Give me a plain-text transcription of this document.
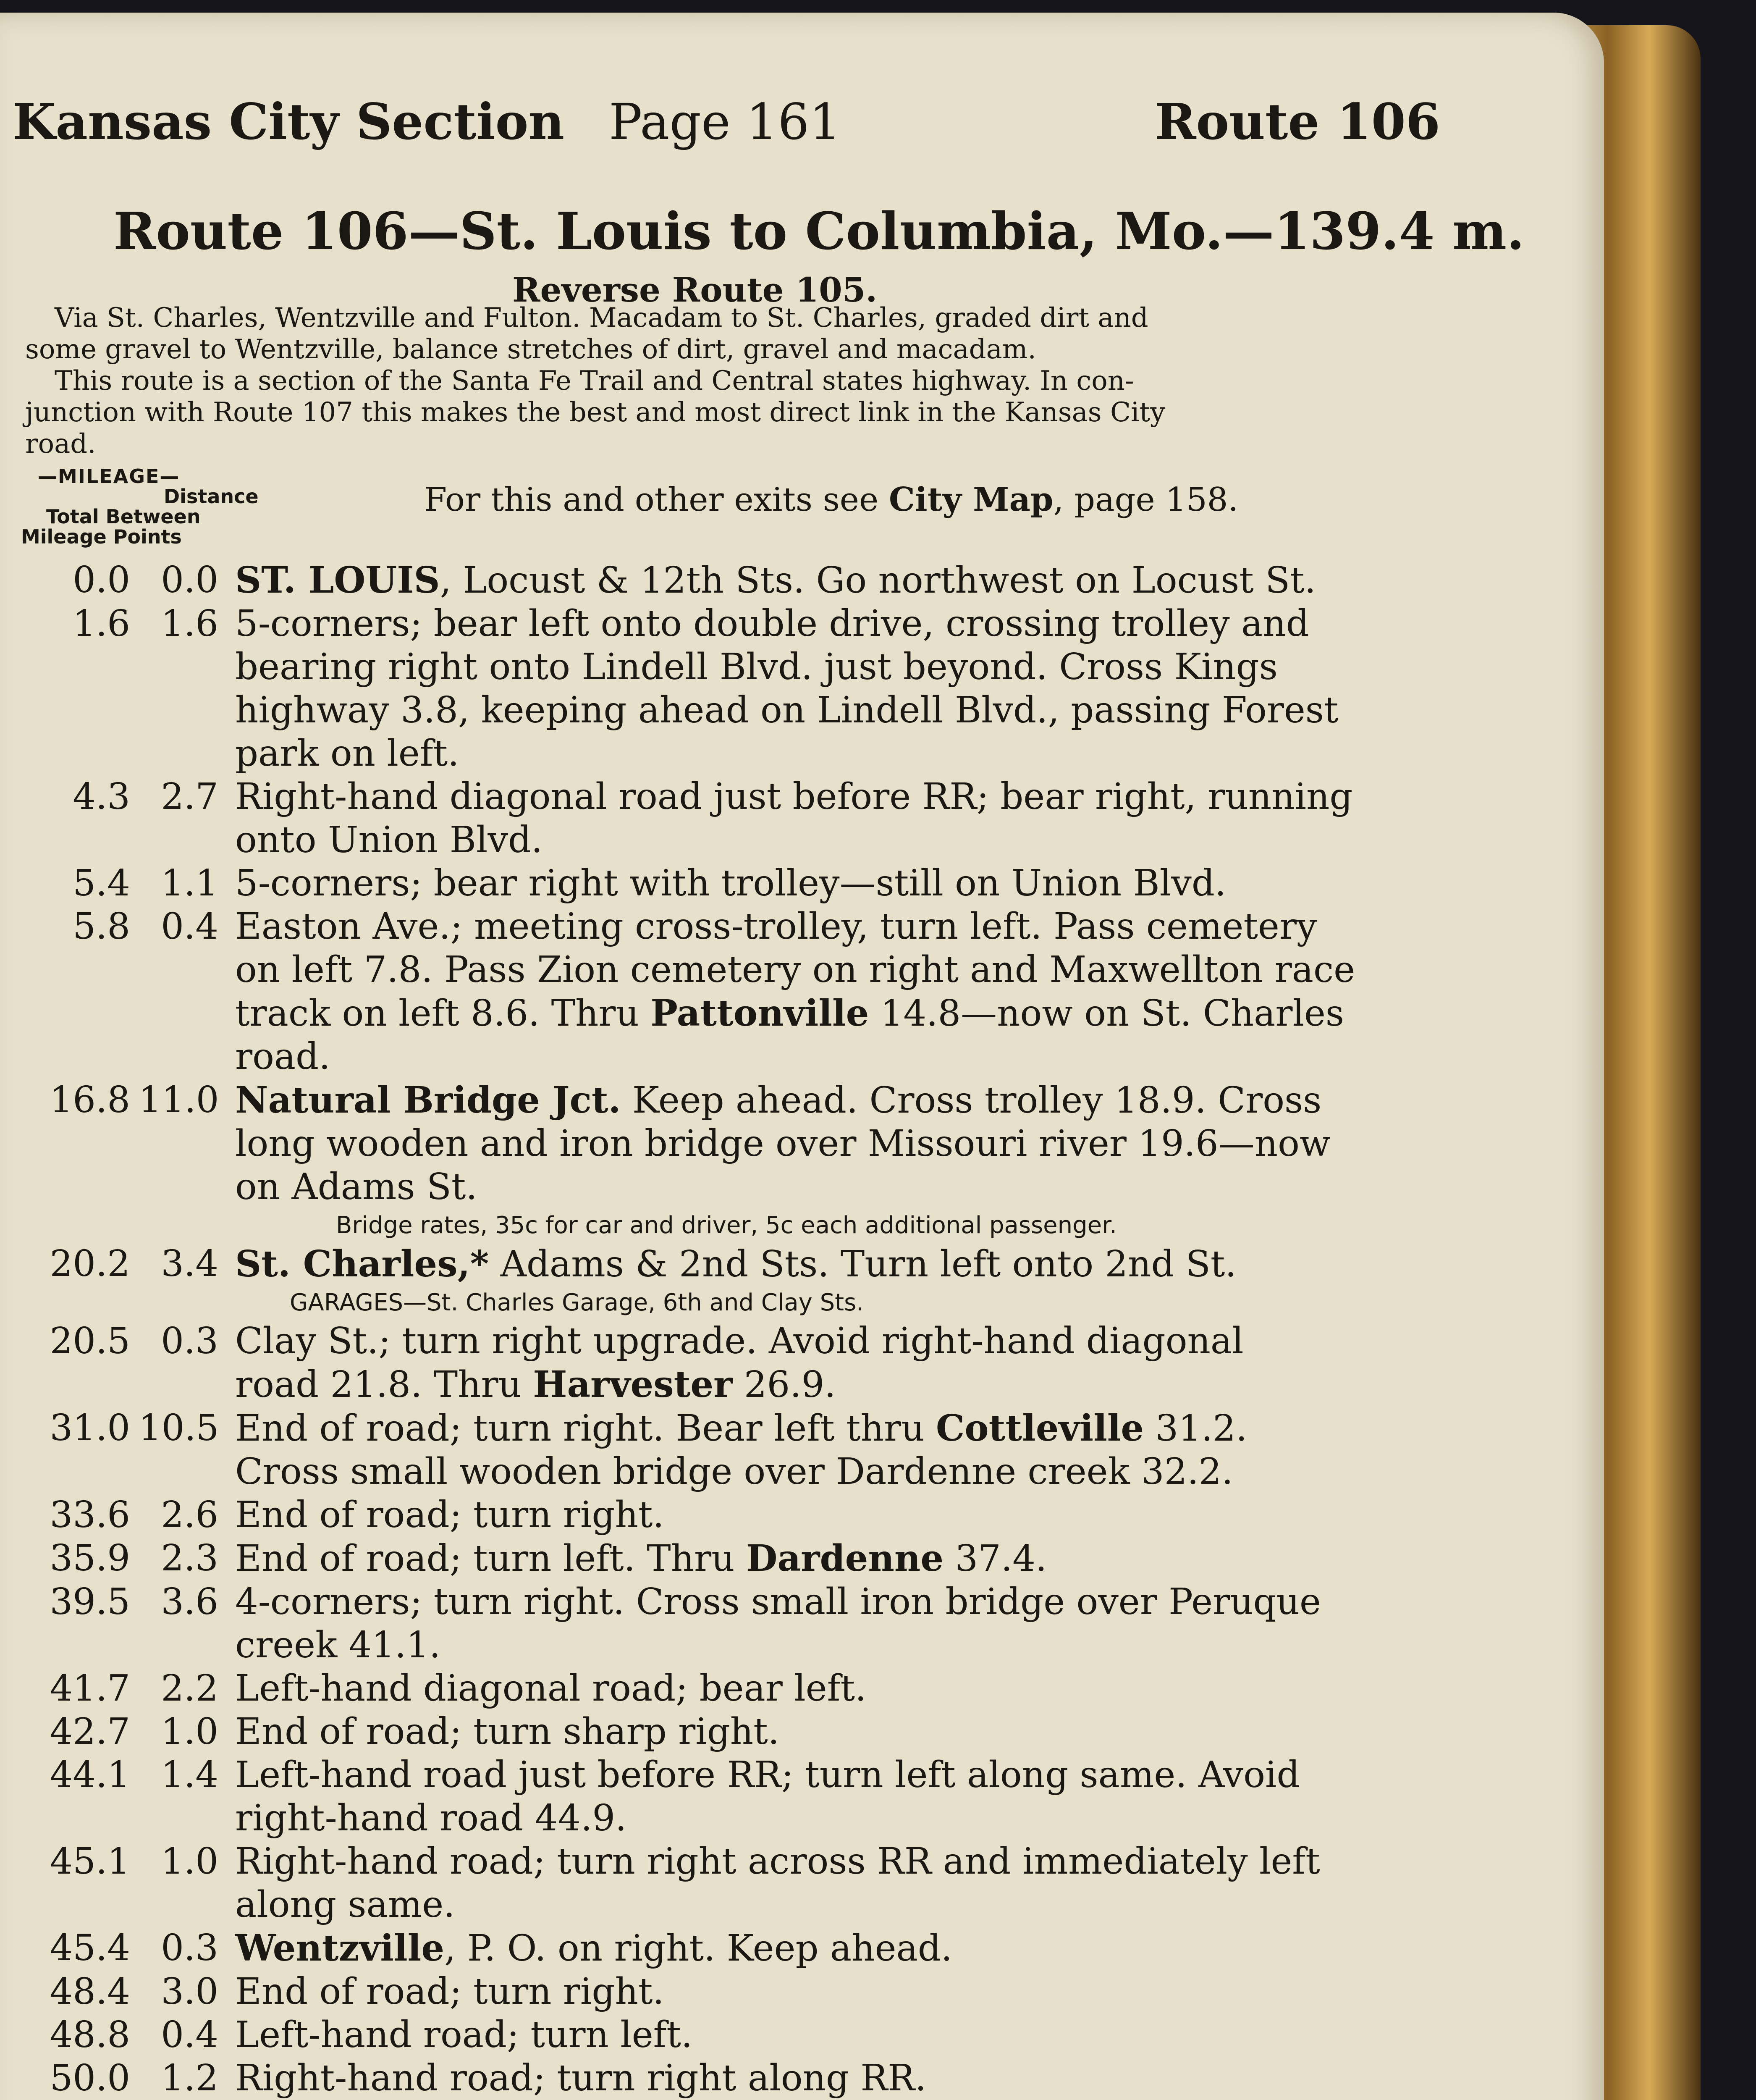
Kansas City Section Page 161	Route 106
Route 106—St. Louis to Columbia, Mo.—139.4 m.
Reverse Route 105.
Via St. Charles, Wentzville and Fulton. Macadam to St. Charles, graded dirt and
some gravel to Wentzville, balance stretches of dirt, gravel and macadam.
This route is a section of the Santa Fe Trail and Central states highway. In con-
junction with Route 107 this makes the best and most direct link in the Kansas City
road.
—MILEAGE—
Distance
Total Between
Mileage Points
For this and other exits see City Map, page 158.
0.0 0.0 ST. LOUIS, Locust & 12th Sts. Go northwest on Locust St.
1.6 1.6 5-corners; bear left onto double drive, crossing trolley and
bearing right onto Lindell Blvd. just beyond. Cross Kings
highway 3.8, keeping ahead on Lindell Blvd., passing Forest
park on left.
4.3 2.7 Right-hand diagonal road just before RR; bear right, running
onto Union Blvd.
5.4 1.1 5-corners; bear right with trolley—still on Union Blvd.
5.8 0.4 Easton Ave.; meeting cross-trolley, turn left. Pass cemetery
on left 7.8. Pass Zion cemetery on right and Maxwellton race
track on left 8.6. Thru Pattonville 14.8—now on St. Charles
road.
16.8 11.0 Natural Bridge Jct. Keep ahead. Cross trolley 18.9. Cross
long wooden and iron bridge over Missouri river 19.6—now
on Adams St.
Bridge rates, 35c for car and driver, 5c each additional passenger.
20.2 3.4 St. Charles,* Adams & 2nd Sts. Turn left onto 2nd St.
GARAGES—St. Charles Garage, 6th and Clay Sts.
20.5 0.3 Clay St.; turn right upgrade. Avoid right-hand diagonal
road 21.8. Thru Harvester 26.9.
31.0 10.5 End of road; turn right. Bear left thru Cottleville 31.2.
Cross small wooden bridge over Dardenne creek 32.2.
33.6 2.6 End of road; turn right.
35.9 2.3 End of road; turn left. Thru Dardenne 37.4.
39.5 3.6 4-corners; turn right. Cross small iron bridge over Peruque
creek 41.1.
41.7 2.2 Left-hand diagonal road; bear left.
42.7 1.0 End of road; turn sharp right.
44.1 1.4 Left-hand road just before RR; turn left along same. Avoid
right-hand road 44.9.
45.1 1.0 Right-hand road; turn right across RR and immediately left
along same.
45.4 0.3 Wentzville, P. O. on right. Keep ahead.
48.4 3.0 End of road; turn right.
48.8 0.4 Left-hand road; turn left.
50.0 1.2 Right-hand road; turn right along RR.
